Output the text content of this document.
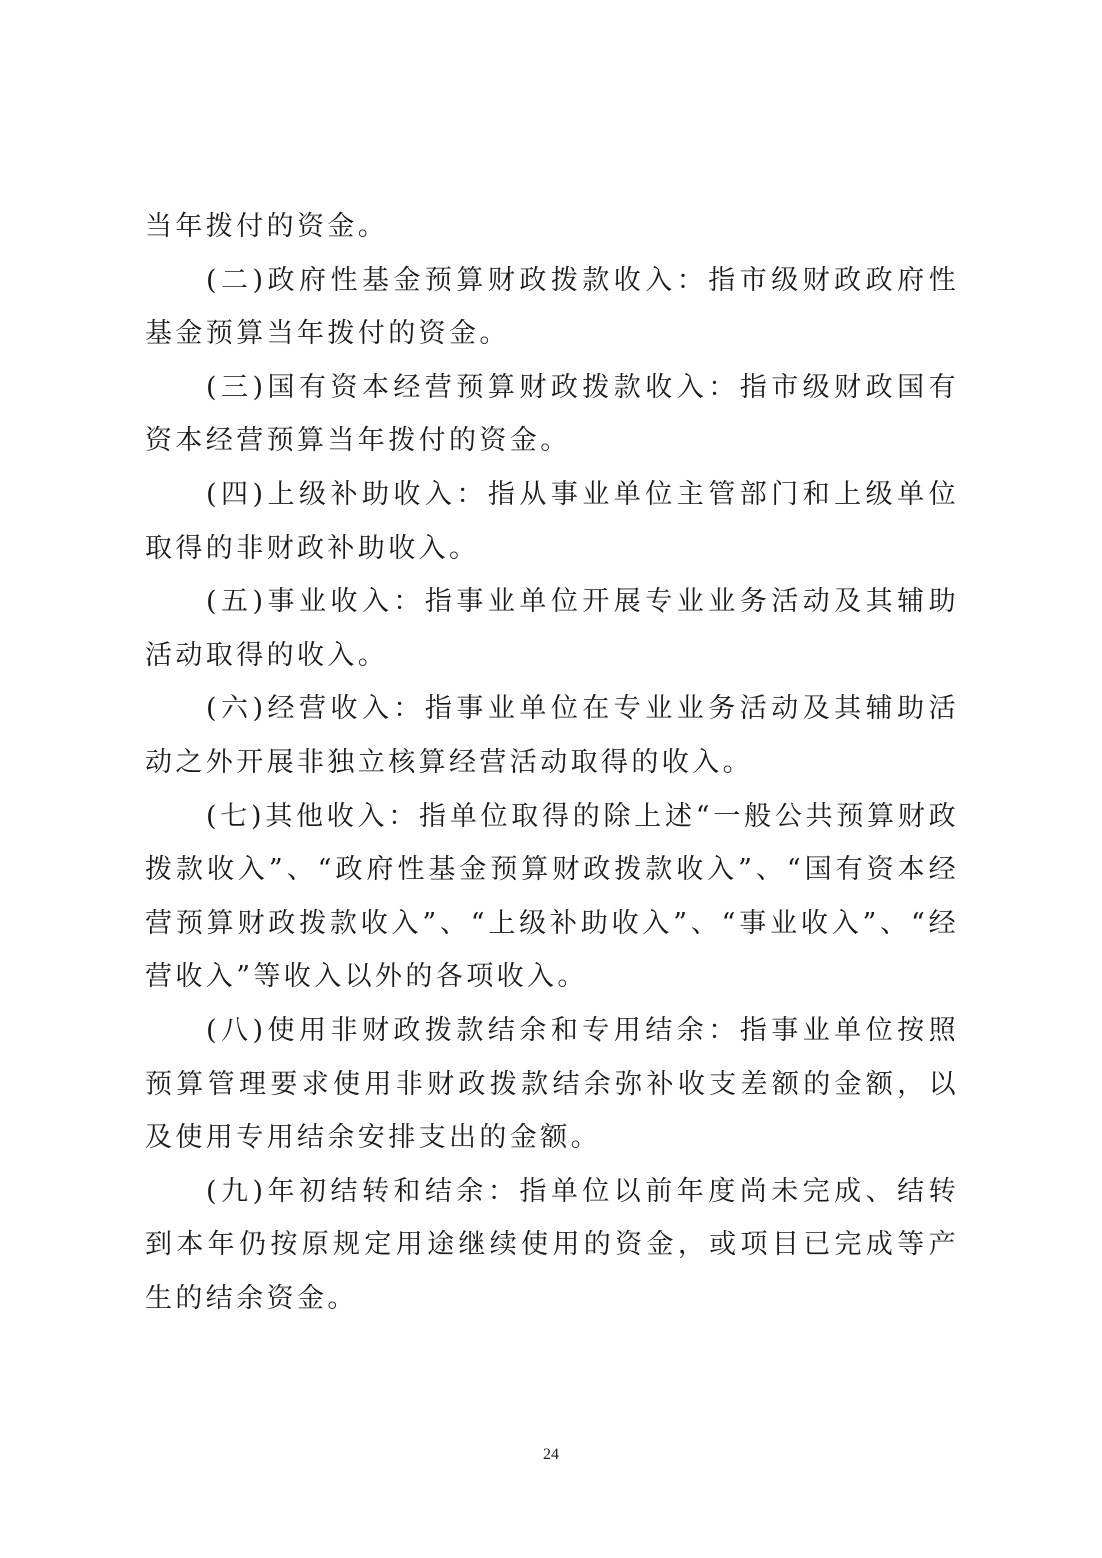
当年拨付的资金。

(二)政府性基金预算财政拨款收入：指市级财政政府性基金预算当年拨付的资金。

(三)国有资本经营预算财政拨款收入：指市级财政国有资本经营预算当年拨付的资金。

(四)上级补助收入：指从事业单位主管部门和上级单位取得的非财政补助收入。

(五)事业收入：指事业单位开展专业业务活动及其辅助活动取得的收入。

(六)经营收入：指事业单位在专业业务活动及其辅助活动之外开展非独立核算经营活动取得的收入。

(七)其他收入：指单位取得的除上述“一般公共预算财政拨款收入”、“政府性基金预算财政拨款收入”、“国有资本经营预算财政拨款收入”、“上级补助收入”、“事业收入”、“经营收入”等收入以外的各项收入。

(八)使用非财政拨款结余和专用结余：指事业单位按照预算管理要求使用非财政拨款结余弥补收支差额的金额，以及使用专用结余安排支出的金额。

(九)年初结转和结余：指单位以前年度尚未完成、结转到本年仍按原规定用途继续使用的资金，或项目已完成等产生的结余资金。

24
